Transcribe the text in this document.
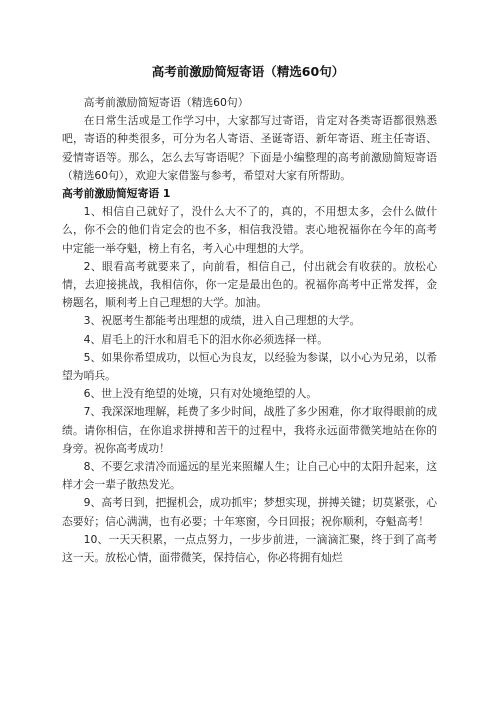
高考前激励简短寄语（精选60句）

高考前激励简短寄语（精选60句）

在日常生活或是工作学习中，大家都写过寄语，肯定对各类寄语都很熟悉吧，寄语的种类很多，可分为名人寄语、圣诞寄语、新年寄语、班主任寄语、爱情寄语等。那么，怎么去写寄语呢？下面是小编整理的高考前激励简短寄语（精选60句），欢迎大家借鉴与参考，希望对大家有所帮助。

高考前激励简短寄语 1

1、相信自己就好了，没什么大不了的，真的，不用想太多，会什么做什么，你不会的他们肯定会的也不多，相信我没错。衷心地祝福你在今年的高考中定能一举夺魁，榜上有名，考入心中理想的大学。

2、眼看高考就要来了，向前看，相信自己，付出就会有收获的。放松心情，去迎接挑战，我相信你，你一定是最出色的。祝福你高考中正常发挥，金榜题名，顺利考上自己理想的大学。加油。

3、祝愿考生都能考出理想的成绩，进入自己理想的大学。

4、眉毛上的汗水和眉毛下的泪水你必须选择一样。

5、如果你希望成功，以恒心为良友，以经验为参谋，以小心为兄弟，以希望为哨兵。

6、世上没有绝望的处境，只有对处境绝望的人。

7、我深深地理解，耗费了多少时间，战胜了多少困难，你才取得眼前的成绩。请你相信，在你追求拼搏和苦干的过程中，我将永远面带微笑地站在你的身旁。祝你高考成功！

8、不要乞求清冷而遥远的星光来照耀人生；让自己心中的太阳升起来，这样才会一辈子散热发光。

9、高考日到，把握机会，成功抓牢；梦想实现，拼搏关键；切莫紧张，心态要好；信心满满，也有必要；十年寒窗，今日回报；祝你顺利，夺魁高考！

10、一天天积累，一点点努力，一步步前进，一滴滴汇聚，终于到了高考这一天。放松心情，面带微笑，保持信心，你必将拥有灿烂
